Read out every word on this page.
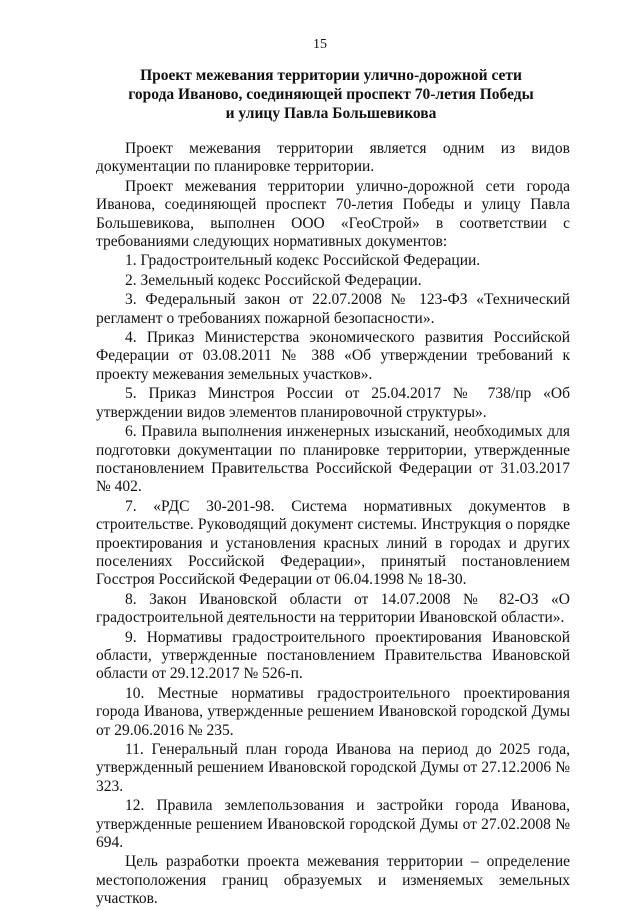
15
Проект межевания территории улично-дорожной сети
города Иваново, соединяющей проспект 70-летия Победы
и улицу Павла Большевикова

Проект межевания территории является одним из видов документации по планировке территории.

Проект межевания территории улично-дорожной сети города Иванова, соединяющей проспект 70-летия Победы и улицу Павла Большевикова, выполнен ООО «ГеоСтрой» в соответствии с требованиями следующих нормативных документов:

1. Градостроительный кодекс Российской Федерации.

2. Земельный кодекс Российской Федерации.

3. Федеральный закон от 22.07.2008 № 123-ФЗ «Технический регламент о требованиях пожарной безопасности».

4. Приказ Министерства экономического развития Российской Федерации от 03.08.2011 № 388 «Об утверждении требований к проекту межевания земельных участков».

5. Приказ Минстроя России от 25.04.2017 № 738/пр «Об утверждении видов элементов планировочной структуры».

6. Правила выполнения инженерных изысканий, необходимых для подготовки документации по планировке территории, утвержденные постановлением Правительства Российской Федерации от 31.03.2017 № 402.

7. «РДС 30-201-98. Система нормативных документов в строительстве. Руководящий документ системы. Инструкция о порядке проектирования и установления красных линий в городах и других поселениях Российской Федерации», принятый постановлением Госстроя Российской Федерации от 06.04.1998 № 18-30.

8. Закон Ивановской области от 14.07.2008 № 82-ОЗ «О градостроительной деятельности на территории Ивановской области».

9. Нормативы градостроительного проектирования Ивановской области, утвержденные постановлением Правительства Ивановской области от 29.12.2017 № 526-п.

10. Местные нормативы градостроительного проектирования города Иванова, утвержденные решением Ивановской городской Думы от 29.06.2016 № 235.

11. Генеральный план города Иванова на период до 2025 года, утвержденный решением Ивановской городской Думы от 27.12.2006 № 323.

12. Правила землепользования и застройки города Иванова, утвержденные решением Ивановской городской Думы от 27.02.2008 № 694.

Цель разработки проекта межевания территории – определение местоположения границ образуемых и изменяемых земельных участков.
